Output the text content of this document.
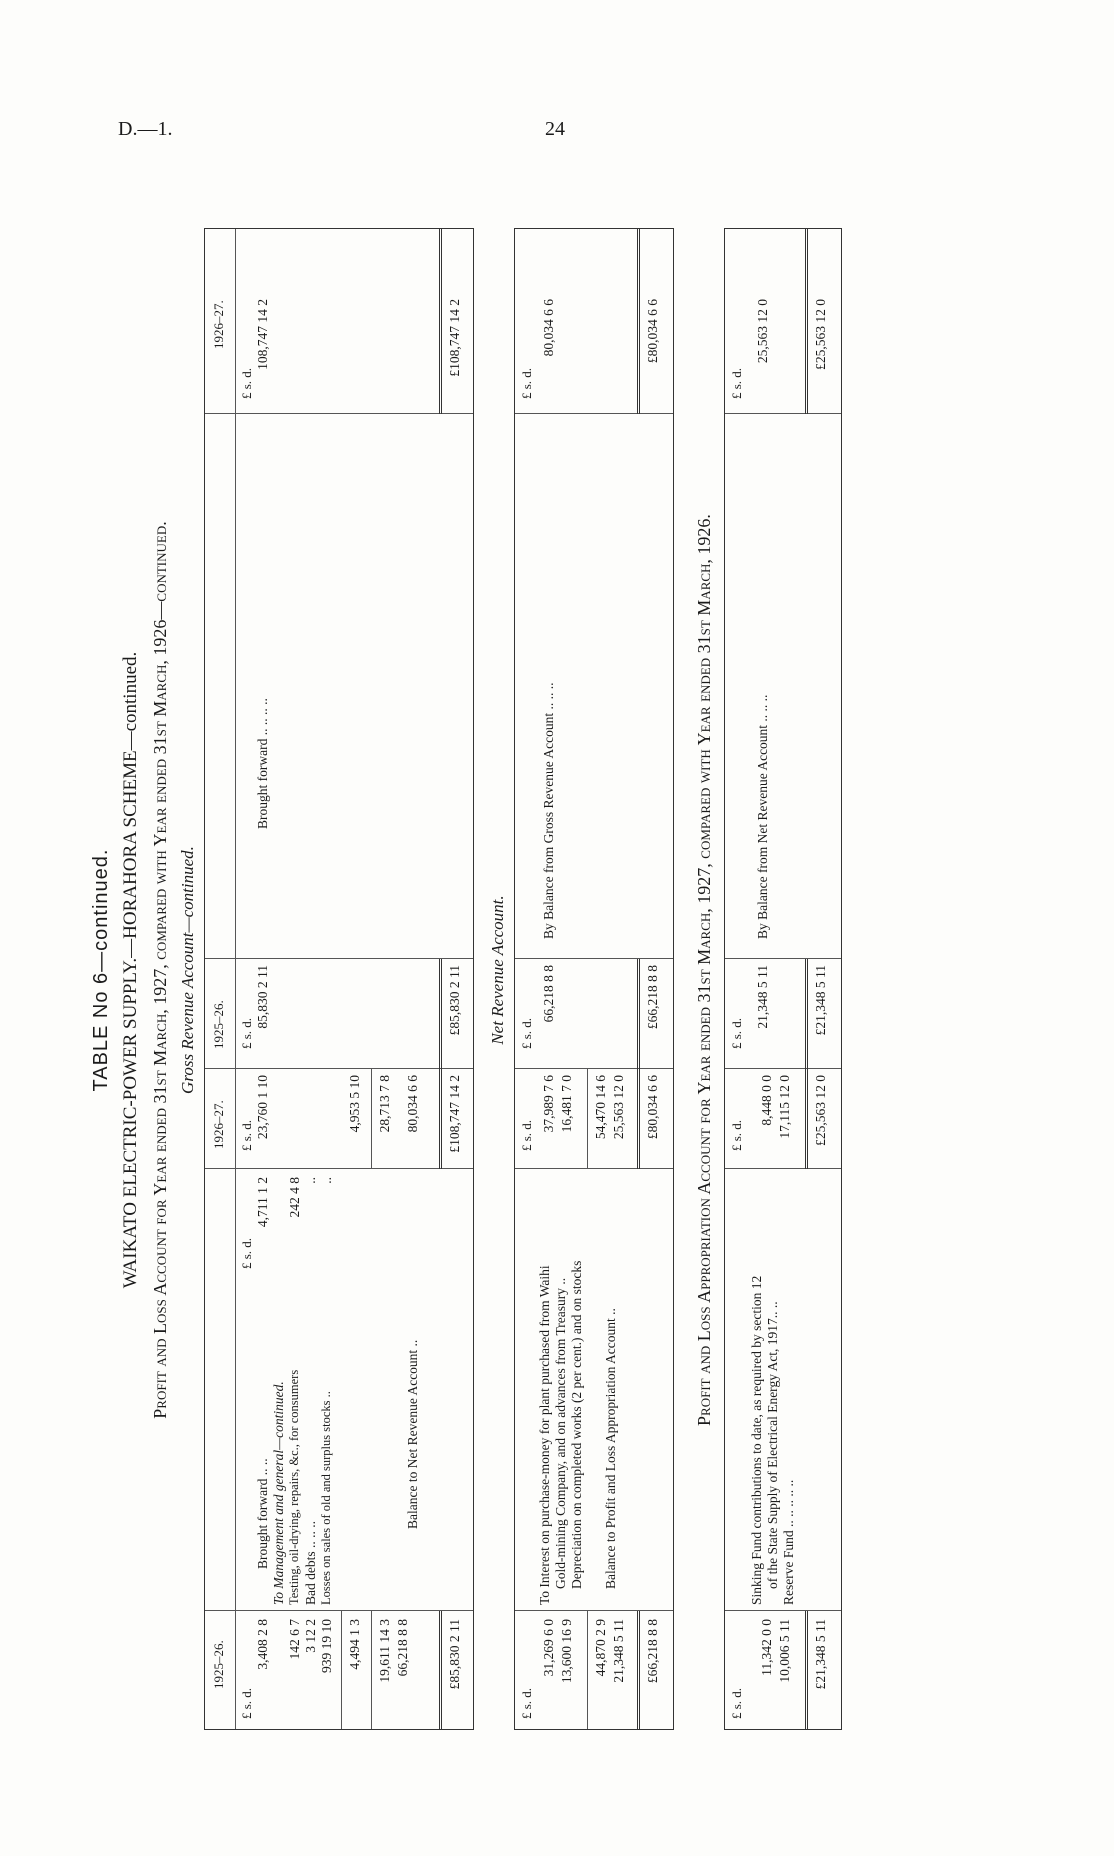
D.—1.	24
TABLE No 6—continued. WAIKATO ELECTRIC-POWER SUPPLY.—HORAHORA SCHEME—continued. Profit and Loss Account for Year ended 31st March, 1927, compared with Year ended 31st March, 1926—continued. Gross Revenue Account—continued.
1925–26.
1926–27.
1925–26.
1926–27.
£ s. d.
£ s. d.
£ s. d.
£ s. d.
£ s. d.
3,408 2 8
Brought forward .. ..
4,711 1 2
23,760 1 10
To Management and general—continued.
142 6 7
Testing, oil-drying, repairs, &c., for consumers
242 4 8
3 12 2
Bad debts .. .. ..
..
939 19 10
Losses on sales of old and surplus stocks ..
..
4,494 1 3
4,953 5 10
19,611 14 3
28,713 7 8
66,218 8 8
Balance to Net Revenue Account ..
80,034 6 6
£85,830 2 11
£108,747 14 2
85,830 2 11
Brought forward .. .. .. ..
108,747 14 2
£85,830 2 11
£108,747 14 2
Net Revenue Account.
£ s. d.
£ s. d.
£ s. d.
£ s. d.
31,269 6 0
To Interest on purchase-money for plant purchased from Waihi
37,989 7 6
Gold-mining Company, and on advances from Treasury ..
13,600 16 9
Depreciation on completed works (2 per cent.) and on stocks
16,481 7 0
44,870 2 9
54,470 14 6
21,348 5 11
Balance to Profit and Loss Appropriation Account ..
25,563 12 0
£66,218 8 8
£80,034 6 6
66,218 8 8
By Balance from Gross Revenue Account .. .. ..
80,034 6 6
£66,218 8 8
£80,034 6 6
Profit and Loss Appropriation Account for Year ended 31st March, 1927, compared with Year ended 31st March, 1926.
£ s. d.
£ s. d.
£ s. d.
£ s. d.
11,342 0 0
Sinking Fund contributions to date, as required by section 12
8,448 0 0
of the State Supply of Electrical Energy Act, 1917.. ..
10,006 5 11
Reserve Fund .. .. .. .. ..
17,115 12 0
£21,348 5 11
£25,563 12 0
21,348 5 11
By Balance from Net Revenue Account .. .. ..
25,563 12 0
£21,348 5 11
£25,563 12 0
